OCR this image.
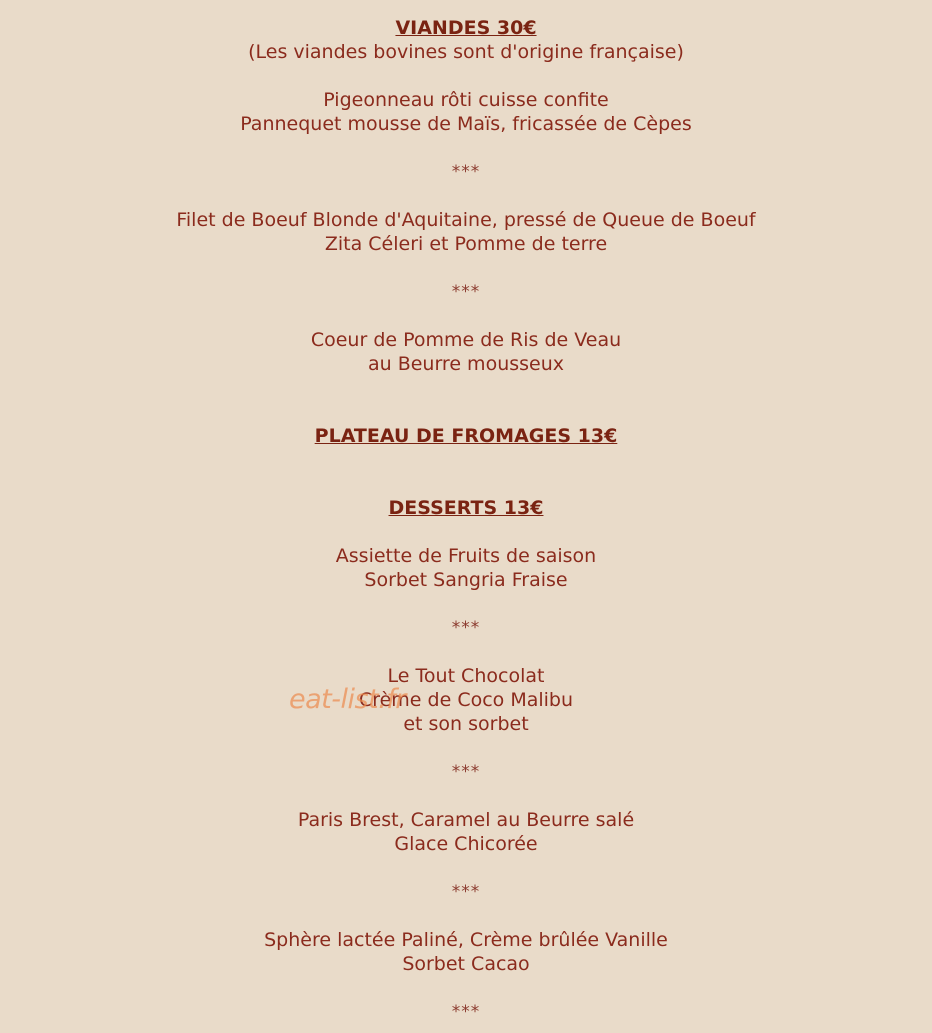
VIANDES 30€
(Les viandes bovines sont d'origine française)
Pigeonneau rôti cuisse confite
Pannequet mousse de Maïs, fricassée de Cèpes
***
Filet de Boeuf Blonde d'Aquitaine, pressé de Queue de Boeuf
Zita Céleri et Pomme de terre
***
Coeur de Pomme de Ris de Veau
au Beurre mousseux
PLATEAU DE FROMAGES 13€
DESSERTS 13€
Assiette de Fruits de saison
Sorbet Sangria Fraise
***
Le Tout Chocolat
Crème de Coco Malibu
et son sorbet
***
Paris Brest, Caramel au Beurre salé
Glace Chicorée
***
Sphère lactée Paliné, Crème brûlée Vanille
Sorbet Cacao
***
eat-list.fr
